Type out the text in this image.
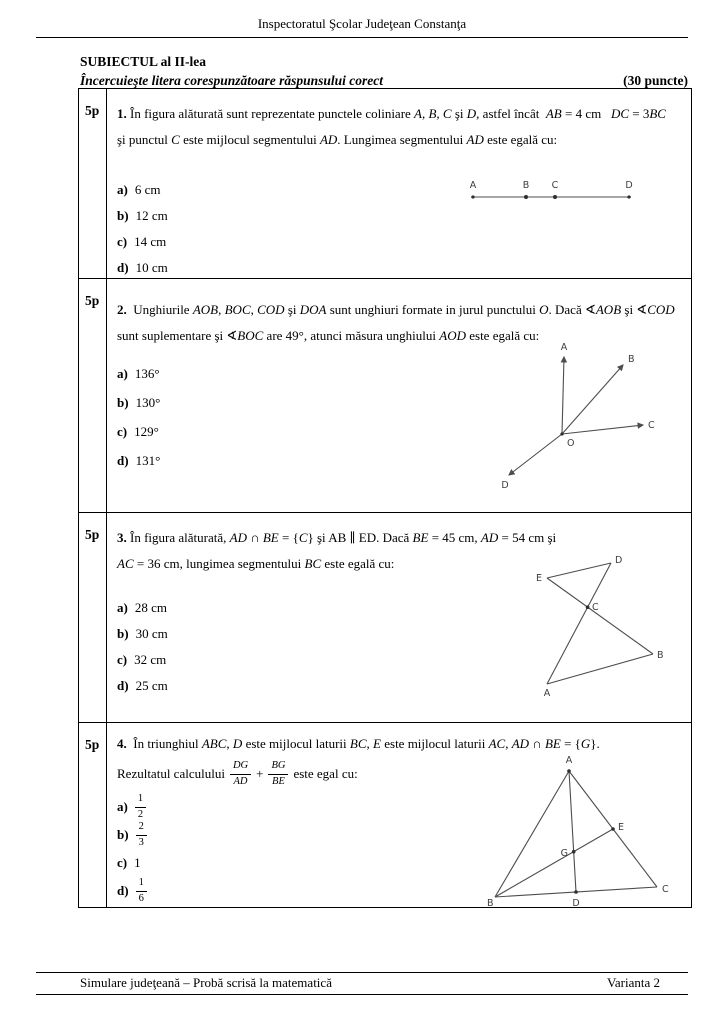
Inspectoratul Şcolar Judeţean Constanţa
SUBIECTUL al II-lea
Încercuieşte litera corespunzătoare răspunsului corect	(30 puncte)
5p	1. În figura alăturată sunt reprezentate punctele coliniare A, B, C şi D, astfel încât  AB = 4 cm   DC = 3BC
şi punctul C este mijlocul segmentului AD. Lungimea segmentului AD este egală cu:
a) 6 cm
b) 12 cm
c) 14 cm
d) 10 cm
A	B C	D
5p
2.  Unghiurile AOB, BOC, COD şi DOA sunt unghiuri formate in jurul punctului O. Dacă ∢AOB şi ∢COD
sunt suplementare şi ∢BOC are 49°, atunci măsura unghiului AOD este egală cu:
a) 136°
b) 130°
c) 129°
d) 131°
A
B
C
D
O
5p	3. În figura alăturată, AD ∩ BE = {C} şi AB ∥ ED. Dacă BE = 45 cm, AD = 54 cm şi
AC = 36 cm, lungimea segmentului BC este egală cu:
a) 28 cm
b) 30 cm
c) 32 cm
d) 25 cm
E
D
C
B
A
5p	4.  În triunghiul ABC, D este mijlocul laturii BC, E este mijlocul laturii AC, AD ∩ BE = {G}.
Rezultatul calculului $\frac{DG}{AD} + \frac{BG}{BE}$ este egal cu:
$a) \frac{1}{2}$
$b) \frac{2}{3}$
c) 1
$d) \frac{1}{6}$
A
B
C
D
E
G
Simulare judeţeană – Probă scrisă la matematică	Varianta 2
